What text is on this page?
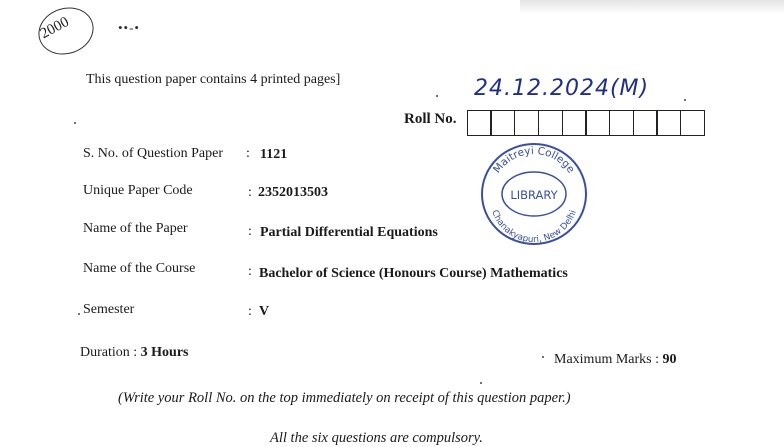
2000	••-•
This question paper contains 4 printed pages]	24.12.2024(M)
Roll No.
S. No. of Question Paper : 1121
Unique Paper Code	: 2352013503
Name of the Paper	: Partial Differential Equations
Name of the Course	: Bachelor of Science (Honours Course) Mathematics
Semester	: V
Maitreyi College
LIBRARY
Chanakyapuri, New Delhi
Duration : 3 Hours	Maximum Marks : 90
(Write your Roll No. on the top immediately on receipt of this question paper.)
All the six questions are compulsory.
